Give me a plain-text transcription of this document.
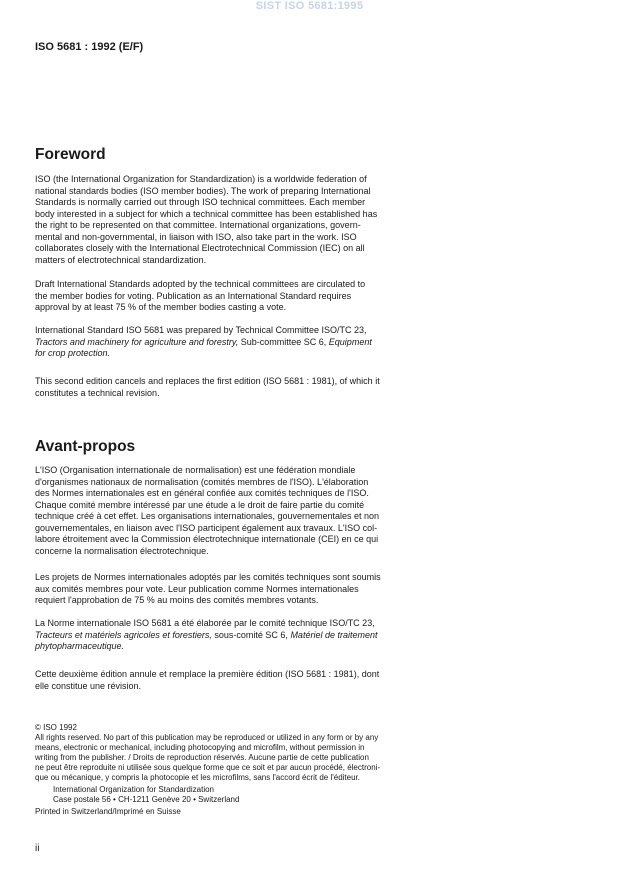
SIST ISO 5681:1995
ISO 5681 : 1992 (E/F)
Foreword
ISO (the International Organization for Standardization) is a worldwide federation of
national standards bodies (ISO member bodies). The work of preparing International
Standards is normally carried out through ISO technical committees. Each member
body interested in a subject for which a technical committee has been established has
the right to be represented on that committee. International organizations, govern-
mental and non-governmental, in liaison with ISO, also take part in the work. ISO
collaborates closely with the International Electrotechnical Commission (IEC) on all
matters of electrotechnical standardization.
Draft International Standards adopted by the technical committees are circulated to
the member bodies for voting. Publication as an International Standard requires
approval by at least 75 % of the member bodies casting a vote.
International Standard ISO 5681 was prepared by Technical Committee ISO/TC 23,
Tractors and machinery for agriculture and forestry, Sub-committee SC 6, Equipment
for crop protection.
This second edition cancels and replaces the first edition (ISO 5681 : 1981), of which it
constitutes a technical revision.
Avant-propos
L'ISO (Organisation internationale de normalisation) est une fédération mondiale
d'organismes nationaux de normalisation (comités membres de l'ISO). L'élaboration
des Normes internationales est en général confiée aux comités techniques de l'ISO.
Chaque comité membre intéressé par une étude a le droit de faire partie du comité
technique créé à cet effet. Les organisations internationales, gouvernementales et non
gouvernementales, en liaison avec l'ISO participent également aux travaux. L'ISO col-
labore étroitement avec la Commission électrotechnique internationale (CEI) en ce qui
concerne la normalisation électrotechnique.
Les projets de Normes internationales adoptés par les comités techniques sont soumis
aux comités membres pour vote. Leur publication comme Normes internationales
requiert l'approbation de 75 % au moins des comités membres votants.
La Norme internationale ISO 5681 a été élaborée par le comité technique ISO/TC 23,
Tracteurs et matériels agricoles et forestiers, sous-comité SC 6, Matériel de traitement
phytopharmaceutique.
Cette deuxième édition annule et remplace la première édition (ISO 5681 : 1981), dont
elle constitue une révision.
© ISO 1992
All rights reserved. No part of this publication may be reproduced or utilized in any form or by any
means, electronic or mechanical, including photocopying and microfilm, without permission in
writing from the publisher. / Droits de reproduction réservés. Aucune partie de cette publication
ne peut être reproduite ni utilisée sous quelque forme que ce soit et par aucun procédé, électroni-
que ou mécanique, y compris la photocopie et les microfilms, sans l'accord écrit de l'éditeur.
International Organization for Standardization
Case postale 56 • CH-1211 Genève 20 • Switzerland
Printed in Switzerland/Imprimé en Suisse
ii
